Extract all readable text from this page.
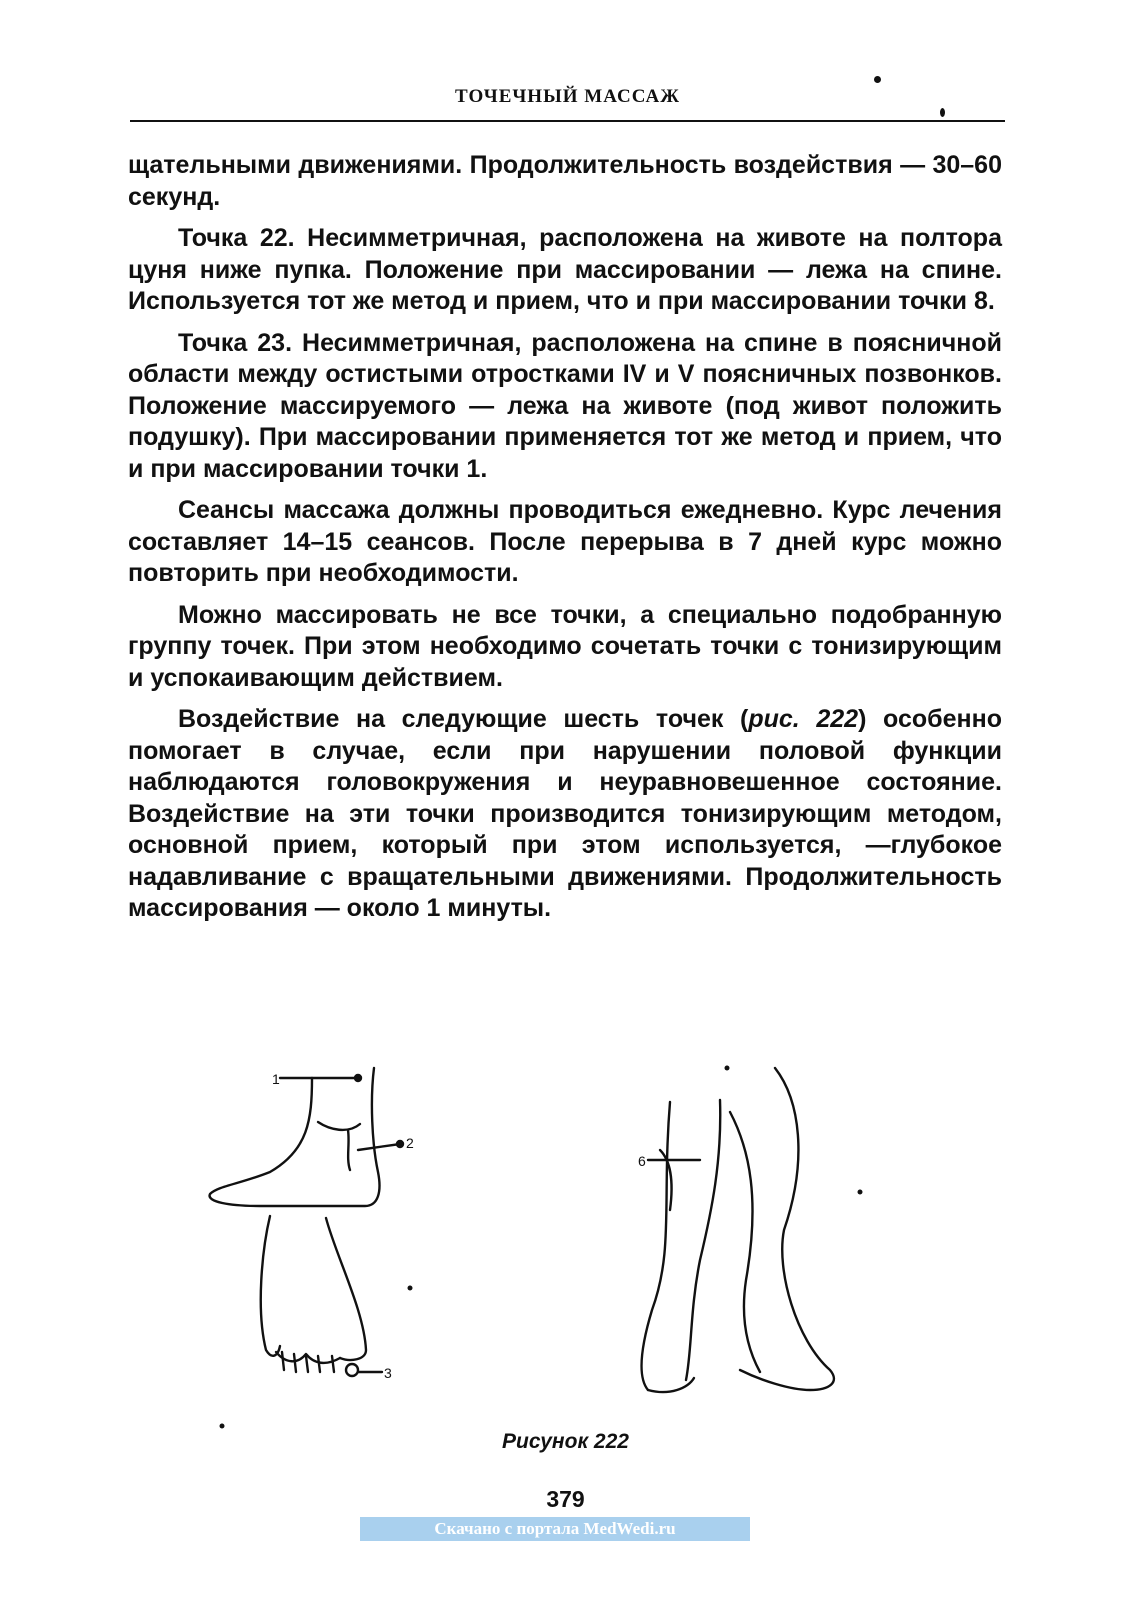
ТОЧЕЧНЫЙ МАССАЖ

щательными движениями. Продолжительность воздействия — 30–60 секунд.

Точка 22. Несимметричная, расположена на животе на полтора цуня ниже пупка. Положение при массировании — лежа на спине. Используется тот же метод и прием, что и при массировании точки 8.

Точка 23. Несимметричная, расположена на спине в поясничной области между остистыми отростками IV и V поясничных позвонков. Положение массируемого — лежа на животе (под живот положить подушку). При массировании применяется тот же метод и прием, что и при массировании точки 1.

Сеансы массажа должны проводиться ежедневно. Курс лечения составляет 14–15 сеансов. После перерыва в 7 дней курс можно повторить при необходимости.

Можно массировать не все точки, а специально подобранную группу точек. При этом необходимо сочетать точки с тонизирующим и успокаивающим действием.

Воздействие на следующие шесть точек (рис. 222) особенно помогает в случае, если при нарушении половой функции наблюдаются головокружения и неуравновешенное состояние. Воздействие на эти точки производится тонизирующим методом, основной прием, который при этом используется, —глубокое надавливание с вращательными движениями. Продолжительность массирования — около 1 минуты.

1
2
3
6
Рисунок 222
379
Скачано с портала MedWedi.ru
